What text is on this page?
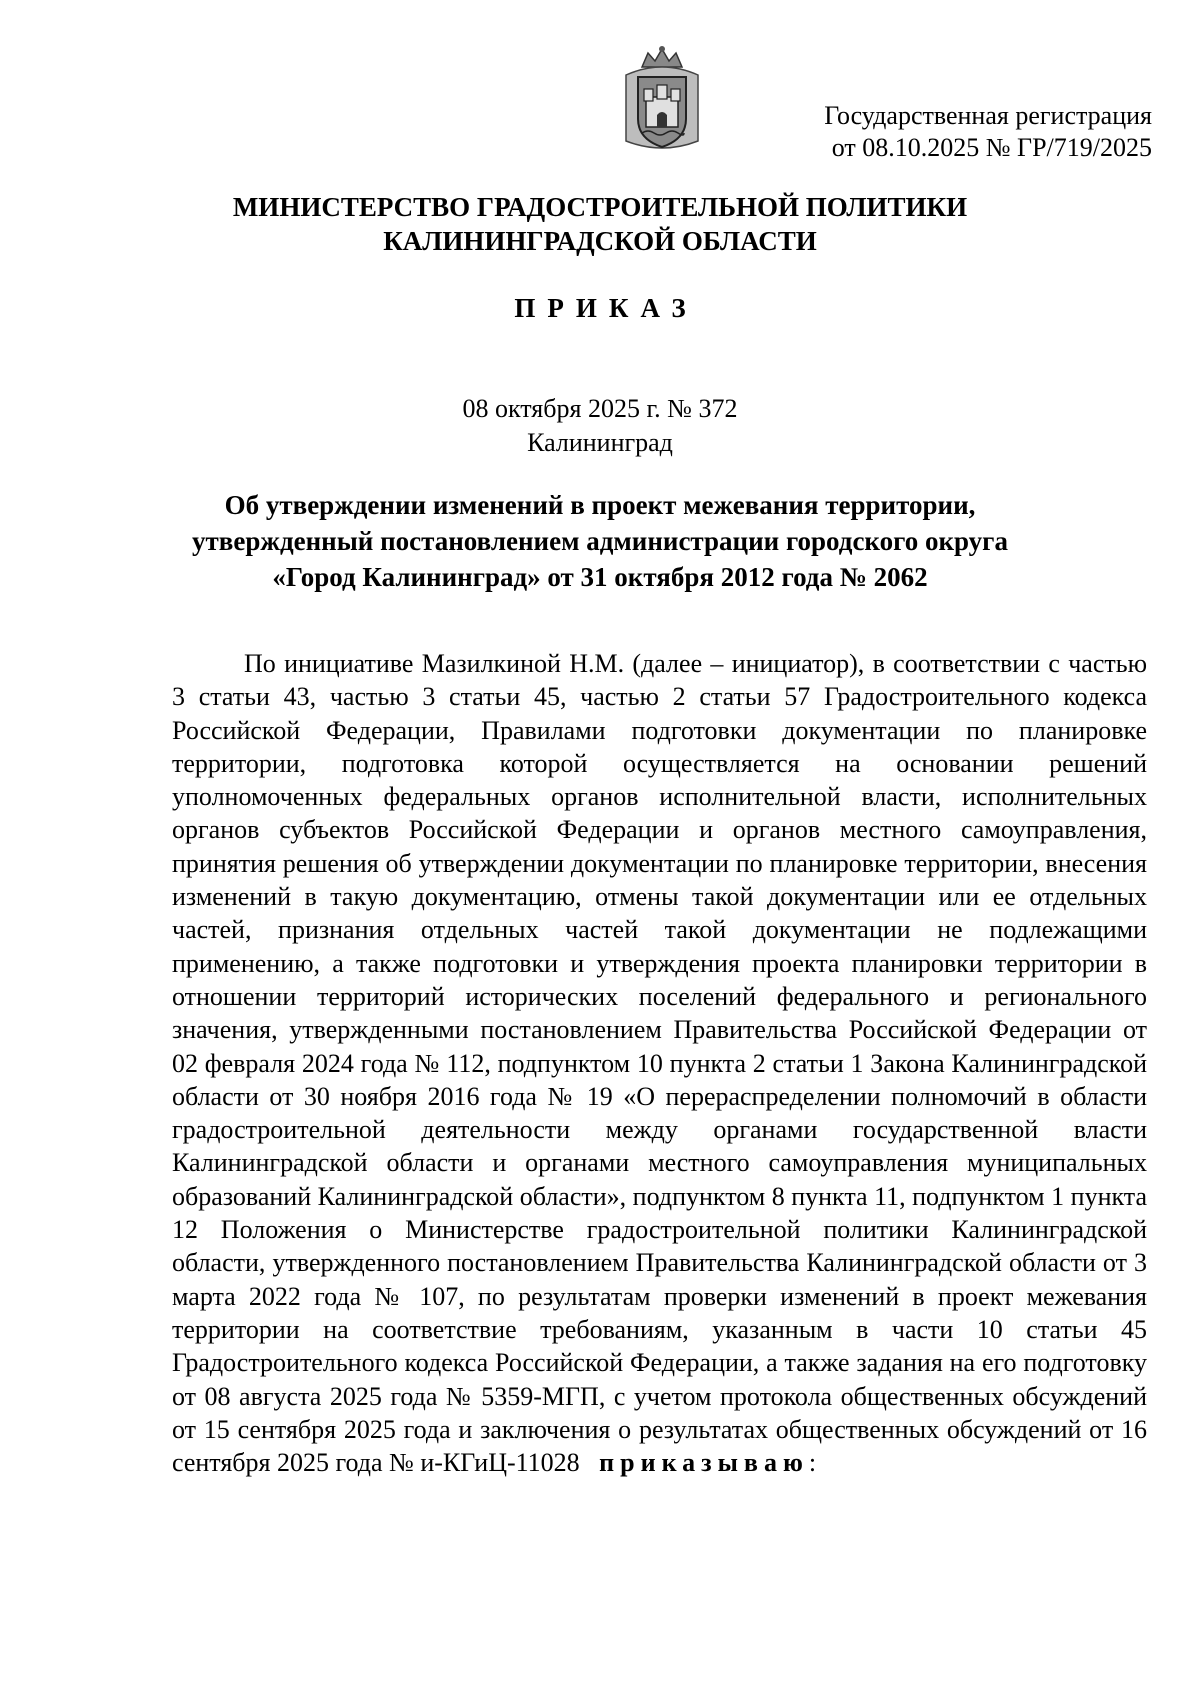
Государственная регистрация
от 08.10.2025 № ГР/719/2025
МИНИСТЕРСТВО ГРАДОСТРОИТЕЛЬНОЙ ПОЛИТИКИ
КАЛИНИНГРАДСКОЙ ОБЛАСТИ
ПРИКАЗ
08 октября 2025 г. № 372
Калининград
Об утверждении изменений в проект межевания территории,
утвержденный постановлением администрации городского округа
«Город Калининград» от 31 октября 2012 года № 2062
По инициативе Мазилкиной Н.М. (далее – инициатор), в соответствии с частью 3 статьи 43, частью 3 статьи 45, частью 2 статьи 57 Градостроительного кодекса Российской Федерации, Правилами подготовки документации по планировке территории, подготовка которой осуществляется на основании решений уполномоченных федеральных органов исполнительной власти, исполнительных органов субъектов Российской Федерации и органов местного самоуправления, принятия решения об утверждении документации по планировке территории, внесения изменений в такую документацию, отмены такой документации или ее отдельных частей, признания отдельных частей такой документации не подлежащими применению, а также подготовки и утверждения проекта планировки территории в отношении территорий исторических поселений федерального и регионального значения, утвержденными постановлением Правительства Российской Федерации от 02 февраля 2024 года № 112, подпунктом 10 пункта 2 статьи 1 Закона Калининградской области от 30 ноября 2016 года № 19 «О перераспределении полномочий в области градостроительной деятельности между органами государственной власти Калининградской области и органами местного самоуправления муниципальных образований Калининградской области», подпунктом 8 пункта 11, подпунктом 1 пункта 12 Положения о Министерстве градостроительной политики Калининградской области, утвержденного постановлением Правительства Калининградской области от 3 марта 2022 года № 107, по результатам проверки изменений в проект межевания территории на соответствие требованиям, указанным в части 10 статьи 45 Градостроительного кодекса Российской Федерации, а также задания на его подготовку от 08 августа 2025 года № 5359-МГП, с учетом протокола общественных обсуждений от 15 сентября 2025 года и заключения о результатах общественных обсуждений от 16 сентября 2025 года № и-КГиЦ-11028 приказываю:
